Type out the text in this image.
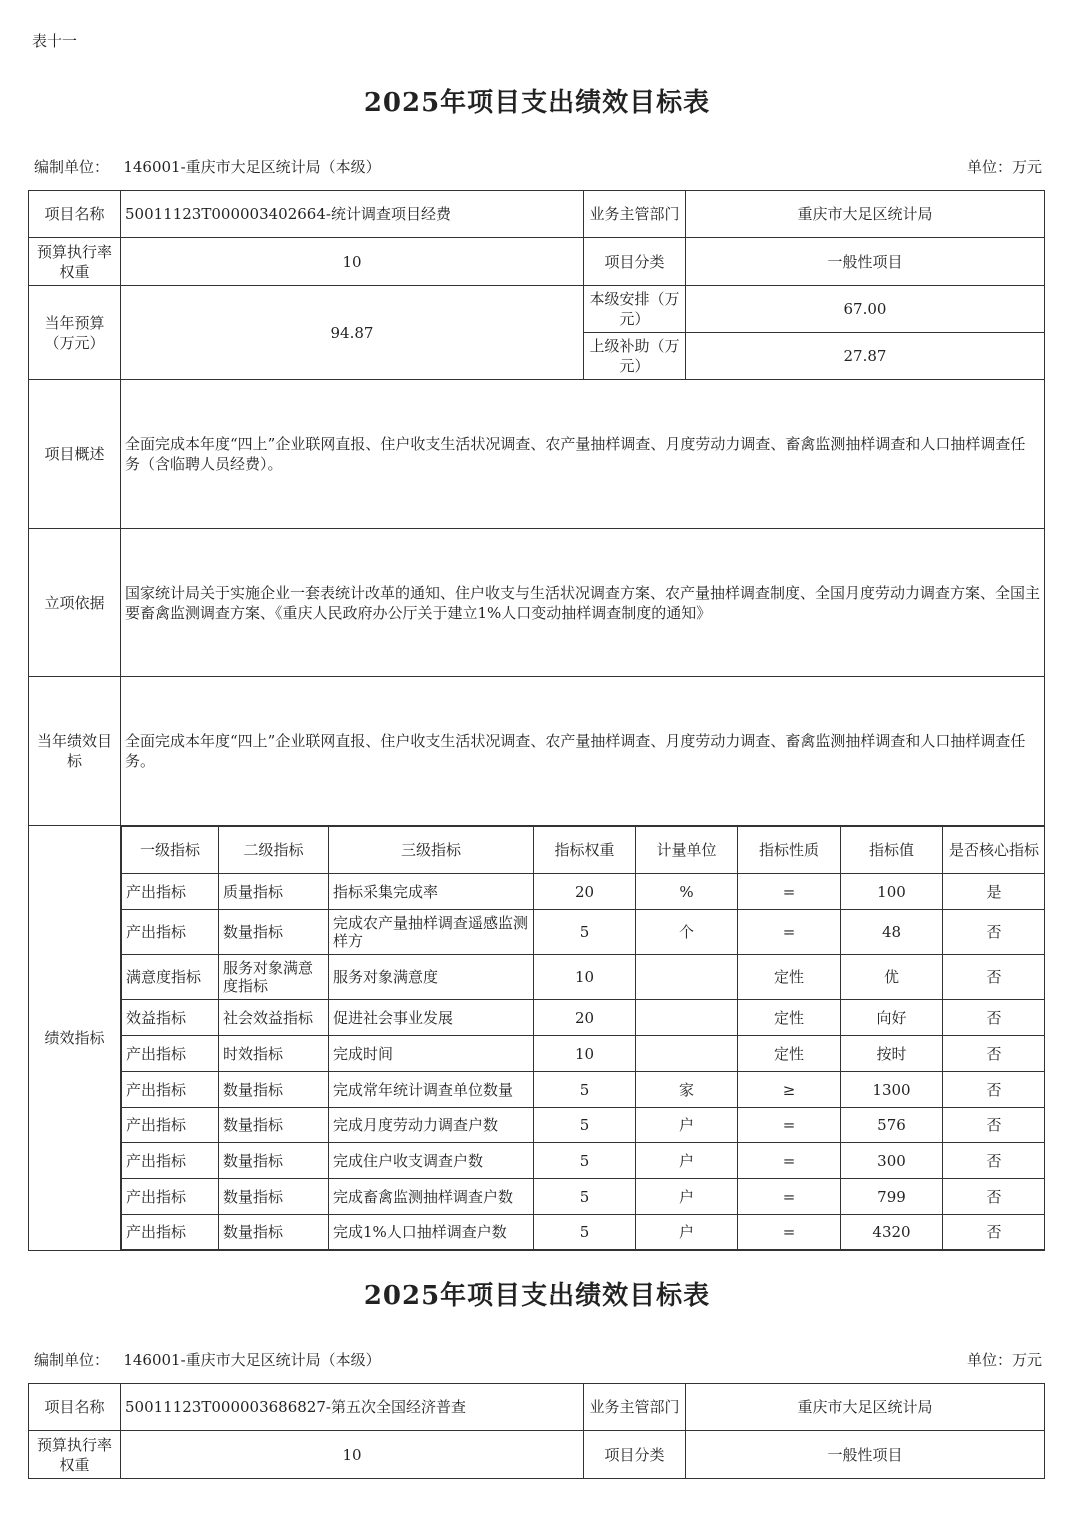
表十一
2025年项目支出绩效目标表
编制单位： 146001-重庆市大足区统计局（本级）	单位：万元
项目名称	50011123T000003402664-统计调查项目经费	业务主管部门	重庆市大足区统计局
预算执行率权重	10	项目分类	一般性项目
当年预算（万元）	94.87	本级安排（万元）	67.00
上级补助（万元）	27.87
项目概述	全面完成本年度“四上”企业联网直报、住户收支生活状况调查、农产量抽样调查、月度劳动力调查、畜禽监测抽样调查和人口抽样调查任务（含临聘人员经费）。
立项依据	国家统计局关于实施企业一套表统计改革的通知、住户收支与生活状况调查方案、农产量抽样调查制度、全国月度劳动力调查方案、全国主要畜禽监测调查方案、《重庆人民政府办公厅关于建立1%人口变动抽样调查制度的通知》
当年绩效目标	全面完成本年度“四上”企业联网直报、住户收支生活状况调查、农产量抽样调查、月度劳动力调查、畜禽监测抽样调查和人口抽样调查任务。
绩效指标	
一级指标	二级指标	三级指标	指标权重	计量单位	指标性质	指标值	是否核心指标
产出指标	质量指标	指标采集完成率	20	%	=	100	是
产出指标	数量指标	完成农产量抽样调查遥感监测样方	5	个	=	48	否
满意度指标	服务对象满意度指标	服务对象满意度	10		定性	优	否
效益指标	社会效益指标	促进社会事业发展	20		定性	向好	否
产出指标	时效指标	完成时间	10		定性	按时	否
产出指标	数量指标	完成常年统计调查单位数量	5	家	≥	1300	否
产出指标	数量指标	完成月度劳动力调查户数	5	户	=	576	否
产出指标	数量指标	完成住户收支调查户数	5	户	=	300	否
产出指标	数量指标	完成畜禽监测抽样调查户数	5	户	=	799	否
产出指标	数量指标	完成1%人口抽样调查户数	5	户	=	4320	否
2025年项目支出绩效目标表
编制单位： 146001-重庆市大足区统计局（本级）	单位：万元
项目名称	50011123T000003686827-第五次全国经济普查	业务主管部门	重庆市大足区统计局
预算执行率权重	10	项目分类	一般性项目
